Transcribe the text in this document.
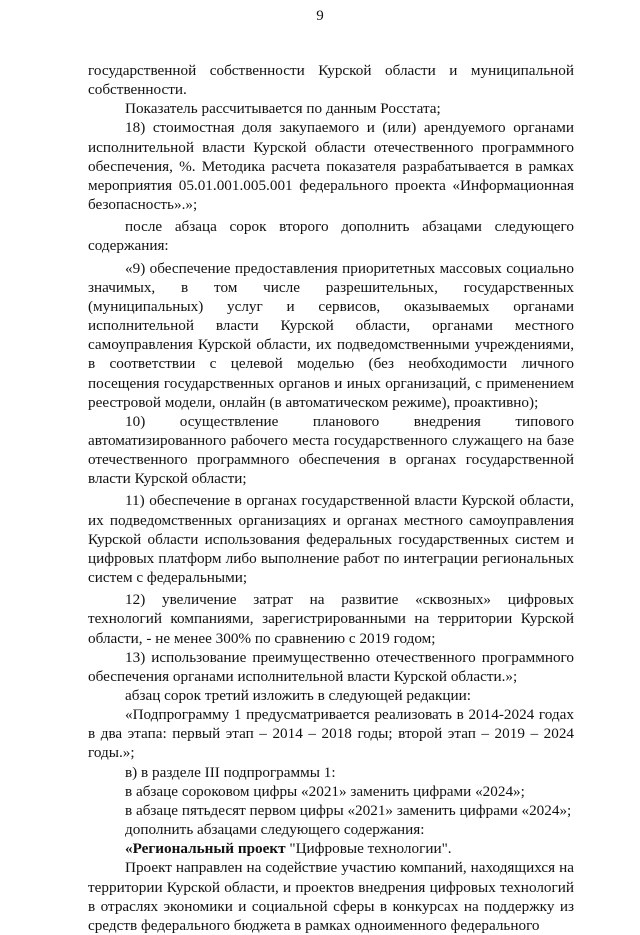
9

государственной собственности Курской области и муниципальной собственности.

Показатель рассчитывается по данным Росстата;

18) стоимостная доля закупаемого и (или) арендуемого органами исполнительной власти Курской области отечественного программного обеспечения, %. Методика расчета показателя разрабатывается в рамках мероприятия 05.01.001.005.001 федерального проекта «Информационная безопасность».»;

после абзаца сорок второго дополнить абзацами следующего содержания:

«9) обеспечение предоставления приоритетных массовых социально значимых, в том числе разрешительных, государственных (муниципальных) услуг и сервисов, оказываемых органами исполнительной власти Курской области, органами местного самоуправления Курской области, их подведомственными учреждениями, в соответствии с целевой моделью (без необходимости личного посещения государственных органов и иных организаций, с применением реестровой модели, онлайн (в автоматическом режиме), проактивно);

10) осуществление планового внедрения типового автоматизированного рабочего места государственного служащего на базе отечественного программного обеспечения в органах государственной власти Курской области;

11) обеспечение в органах государственной власти Курской области, их подведомственных организациях и органах местного самоуправления Курской области использования федеральных государственных систем и цифровых платформ либо выполнение работ по интеграции региональных систем с федеральными;

12) увеличение затрат на развитие «сквозных» цифровых технологий компаниями, зарегистрированными на территории Курской области, - не менее 300% по сравнению с 2019 годом;

13) использование преимущественно отечественного программного обеспечения органами исполнительной власти Курской области.»;

абзац сорок третий изложить в следующей редакции:

«Подпрограмму 1 предусматривается реализовать в 2014-2024 годах в два этапа: первый этап – 2014 – 2018 годы; второй этап – 2019 – 2024 годы.»;

в) в разделе III подпрограммы 1:

в абзаце сороковом цифры «2021» заменить цифрами «2024»;

в абзаце пятьдесят первом цифры «2021» заменить цифрами «2024»;

дополнить абзацами следующего содержания:

«Региональный проект "Цифровые технологии".

Проект направлен на содействие участию компаний, находящихся на территории Курской области, и проектов внедрения цифровых технологий в отраслях экономики и социальной сферы в конкурсах на поддержку из средств федерального бюджета в рамках одноименного федерального
